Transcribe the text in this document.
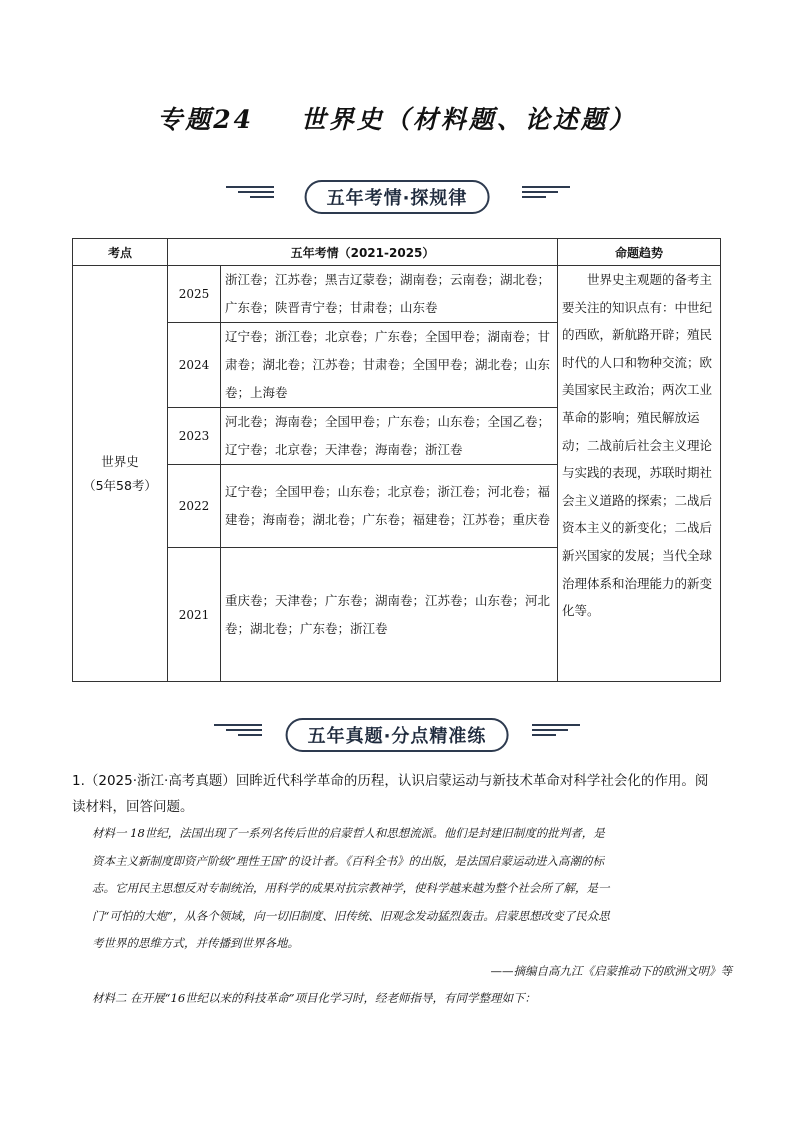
专题24    世界史（材料题、论述题）
五年考情·探规律
考点	五年考情（2021-2025）		命题趋势

世界史
（5年58考）	2025	浙江卷；江苏卷；黑吉辽蒙卷；湖南卷；云南卷；湖北卷；广东卷；陕晋青宁卷；甘肃卷；山东卷	世界史主观题的备考主要关注的知识点有：中世纪的西欧，新航路开辟；殖民时代的人口和物种交流；欧美国家民主政治；两次工业革命的影响；殖民解放运动；二战前后社会主义理论与实践的表现，苏联时期社会主义道路的探索；二战后资本主义的新变化；二战后新兴国家的发展；当代全球治理体系和治理能力的新变化等。
	2024	辽宁卷；浙江卷；北京卷；广东卷；全国甲卷；湖南卷；甘肃卷；湖北卷；江苏卷；甘肃卷；全国甲卷；湖北卷；山东卷；上海卷	
	2023	河北卷；海南卷；全国甲卷；广东卷；山东卷；全国乙卷；辽宁卷；北京卷；天津卷；海南卷；浙江卷	
	2022	辽宁卷；全国甲卷；山东卷；北京卷；浙江卷；河北卷；福建卷；海南卷；湖北卷；广东卷；福建卷；江苏卷；重庆卷	
	2021	重庆卷；天津卷；广东卷；湖南卷；江苏卷；山东卷；河北卷；湖北卷；广东卷；浙江卷	
五年真题·分点精准练
1.（2025·浙江·高考真题）回眸近代科学革命的历程，认识启蒙运动与新技术革命对科学社会化的作用。阅
读材料，回答问题。
材料一 18世纪，法国出现了一系列名传后世的启蒙哲人和思想流派。他们是封建旧制度的批判者，是
资本主义新制度即资产阶级“理性王国”的设计者。《百科全书》的出版，是法国启蒙运动进入高潮的标
志。它用民主思想反对专制统治，用科学的成果对抗宗教神学，使科学越来越为整个社会所了解，是一
门“可怕的大炮”，从各个领域，向一切旧制度、旧传统、旧观念发动猛烈轰击。启蒙思想改变了民众思
考世界的思维方式，并传播到世界各地。
——摘编自高九江《启蒙推动下的欧洲文明》等
材料二 在开展“16世纪以来的科技革命”项目化学习时，经老师指导，有同学整理如下：
